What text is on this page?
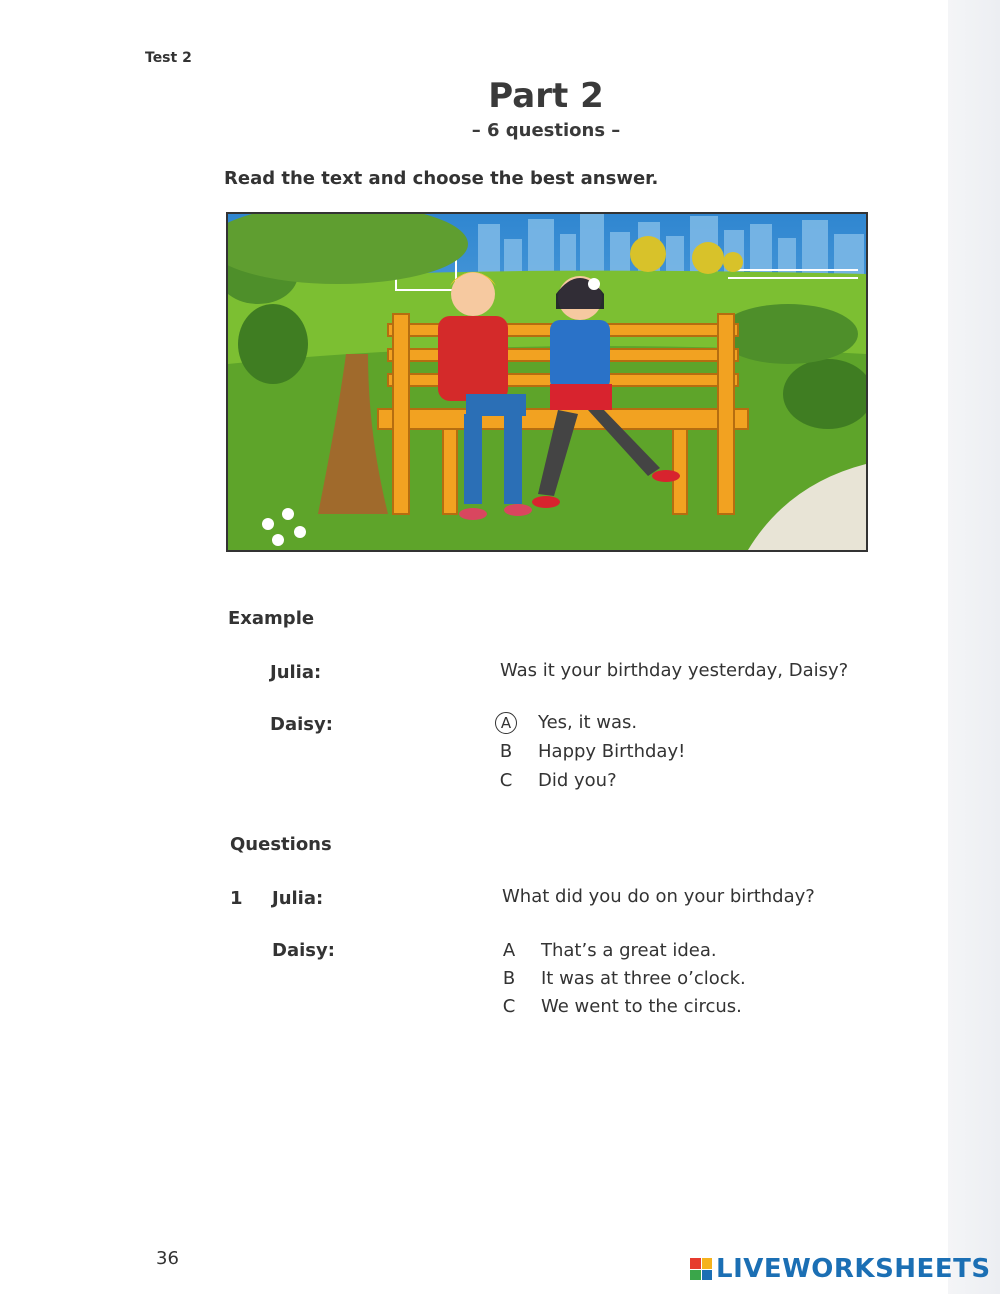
Test 2
Part 2
– 6 questions –
Read the text and choose the best answer.
Example
Julia:	Was it your birthday yesterday, Daisy?
Daisy:	A	Yes, it was.
B	Happy Birthday!
C	Did you?
Questions
1 Julia:	What did you do on your birthday?
Daisy:	A	That’s a great idea.
B	It was at three o’clock.
C	We went to the circus.
36	LIVEWORKSHEETS
